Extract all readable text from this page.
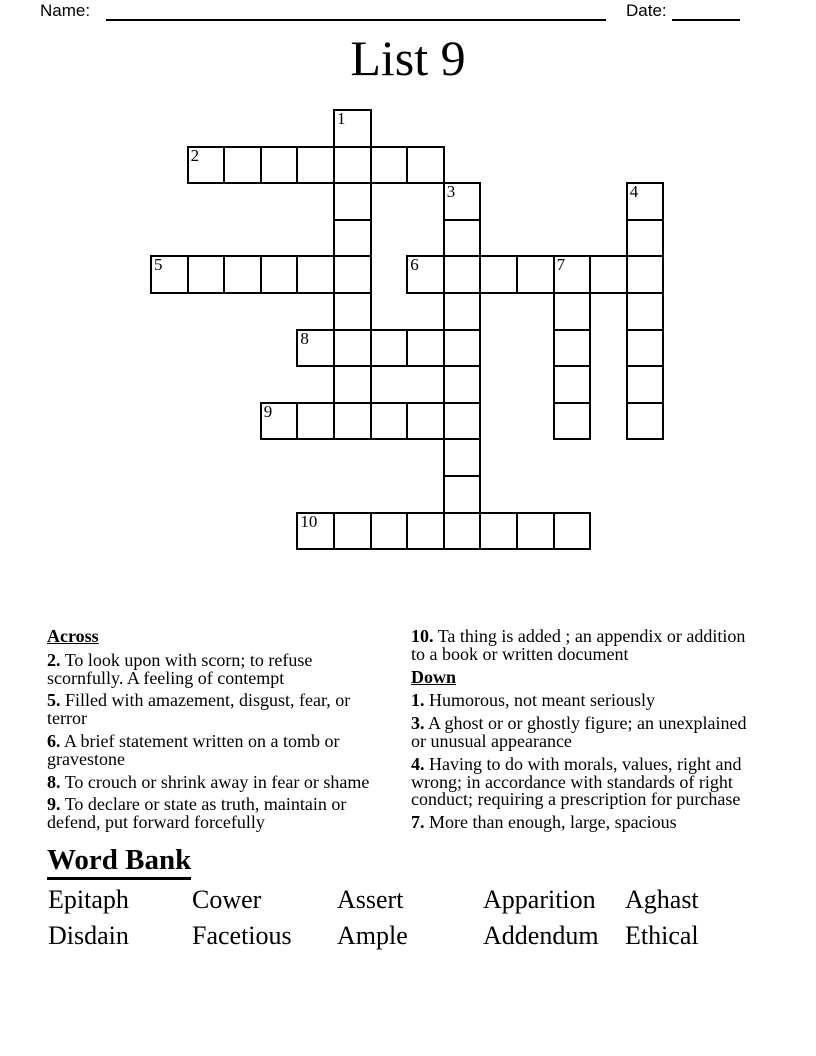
Name:	Date:
List 9
1
2
3	4
5	6	7
8
9
10

Across

2. To look upon with scorn; to refuse scornfully. A feeling of contempt

5. Filled with amazement, disgust, fear, or terror

6. A brief statement written on a tomb or gravestone

8. To crouch or shrink away in fear or shame

9. To declare or state as truth, maintain or defend, put forward forcefully

10. Ta thing is added ; an appendix or addition to a book or written document

Down

1. Humorous, not meant seriously

3. A ghost or or ghostly figure; an unexplained or unusual appearance

4. Having to do with morals, values, right and wrong; in accordance with standards of right conduct; requiring a prescription for purchase

7. More than enough, large, spacious

Word Bank
Epitaph	Cower	Assert	Apparition	Aghast
Disdain	Facetious	Ample	Addendum	Ethical
